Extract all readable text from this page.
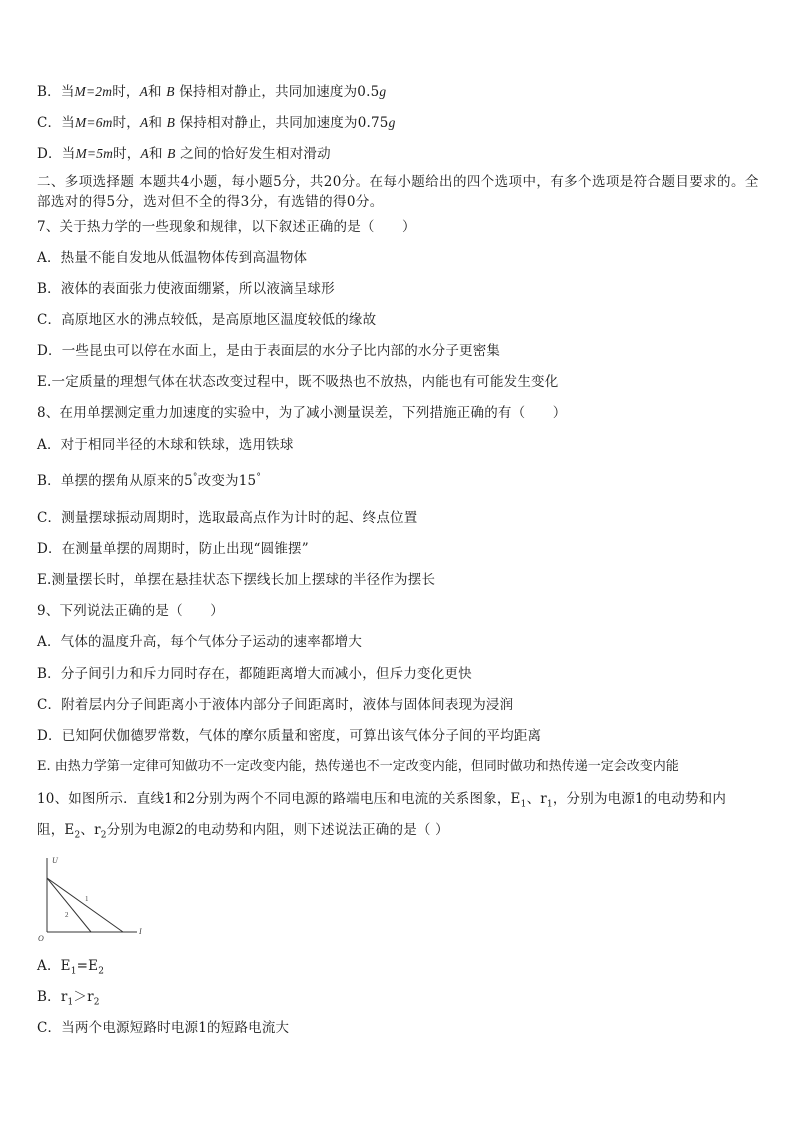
B．当M=2m时，A和 B 保持相对静止，共同加速度为0.5g
C．当M=6m时，A和 B 保持相对静止，共同加速度为0.75g
D．当M=5m时，A和 B 之间的恰好发生相对滑动
二、多项选择题 本题共4小题，每小题5分，共20分。在每小题给出的四个选项中，有多个选项是符合题目要求的。全部选对的得5分，选对但不全的得3分，有选错的得0分。
7、关于热力学的一些现象和规律，以下叙述正确的是（　　）
A．热量不能自发地从低温物体传到高温物体
B．液体的表面张力使液面绷紧，所以液滴呈球形
C．高原地区水的沸点较低，是高原地区温度较低的缘故
D．一些昆虫可以停在水面上，是由于表面层的水分子比内部的水分子更密集
E.一定质量的理想气体在状态改变过程中，既不吸热也不放热，内能也有可能发生变化
8、在用单摆测定重力加速度的实验中，为了减小测量误差，下列措施正确的有（　　）
A．对于相同半径的木球和铁球，选用铁球
B．单摆的摆角从原来的5°改变为15°
C．测量摆球振动周期时，选取最高点作为计时的起、终点位置
D．在测量单摆的周期时，防止出现“圆锥摆”
E.测量摆长时，单摆在悬挂状态下摆线长加上摆球的半径作为摆长
9、下列说法正确的是（　　）
A．气体的温度升高，每个气体分子运动的速率都增大
B．分子间引力和斥力同时存在，都随距离增大而减小，但斥力变化更快
C．附着层内分子间距离小于液体内部分子间距离时，液体与固体间表现为浸润
D．已知阿伏伽德罗常数，气体的摩尔质量和密度，可算出该气体分子间的平均距离
E. 由热力学第一定律可知做功不一定改变内能，热传递也不一定改变内能，但同时做功和热传递一定会改变内能
10、如图所示．直线1和2分别为两个不同电源的路端电压和电流的关系图象，$E_1$、$r_1$，分别为电源1的电动势和内
阻，$E_2$、$r_2$分别为电源2的电动势和内阻，则下述说法正确的是（ ）
U
I
O
1
2
A．$E_1=E_2$
B．$r_1>r_2$
C．当两个电源短路时电源1的短路电流大
